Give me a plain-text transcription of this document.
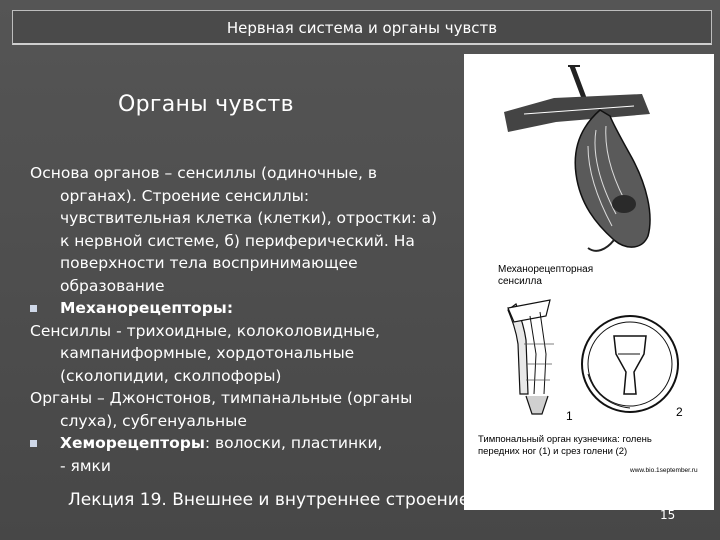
Нервная система и органы чувств
Органы чувств
Основа органов – сенсиллы (одиночные, в
органах). Строение сенсиллы:
чувствительная клетка (клетки), отростки: а)
к нервной системе, б) периферический. На
поверхности тела воспринимающее
образование
Механорецепторы:
Сенсиллы - трихоидные, колоколовидные,
кампаниформные, хордотональные
(сколопидии, сколпофоры)
Органы – Джонстонов, тимпанальные (органы
слуха), субгенуальные
Хеморецепторы: волоски, пластинки,
- ямки
Механорецепторная
сенсилла
1	2
Тимпональный орган кузнечика: голень
передних ног (1) и срез голени (2)
www.bio.1september.ru
Лекция 19. Внешнее и внутреннее строение насекомых
15
